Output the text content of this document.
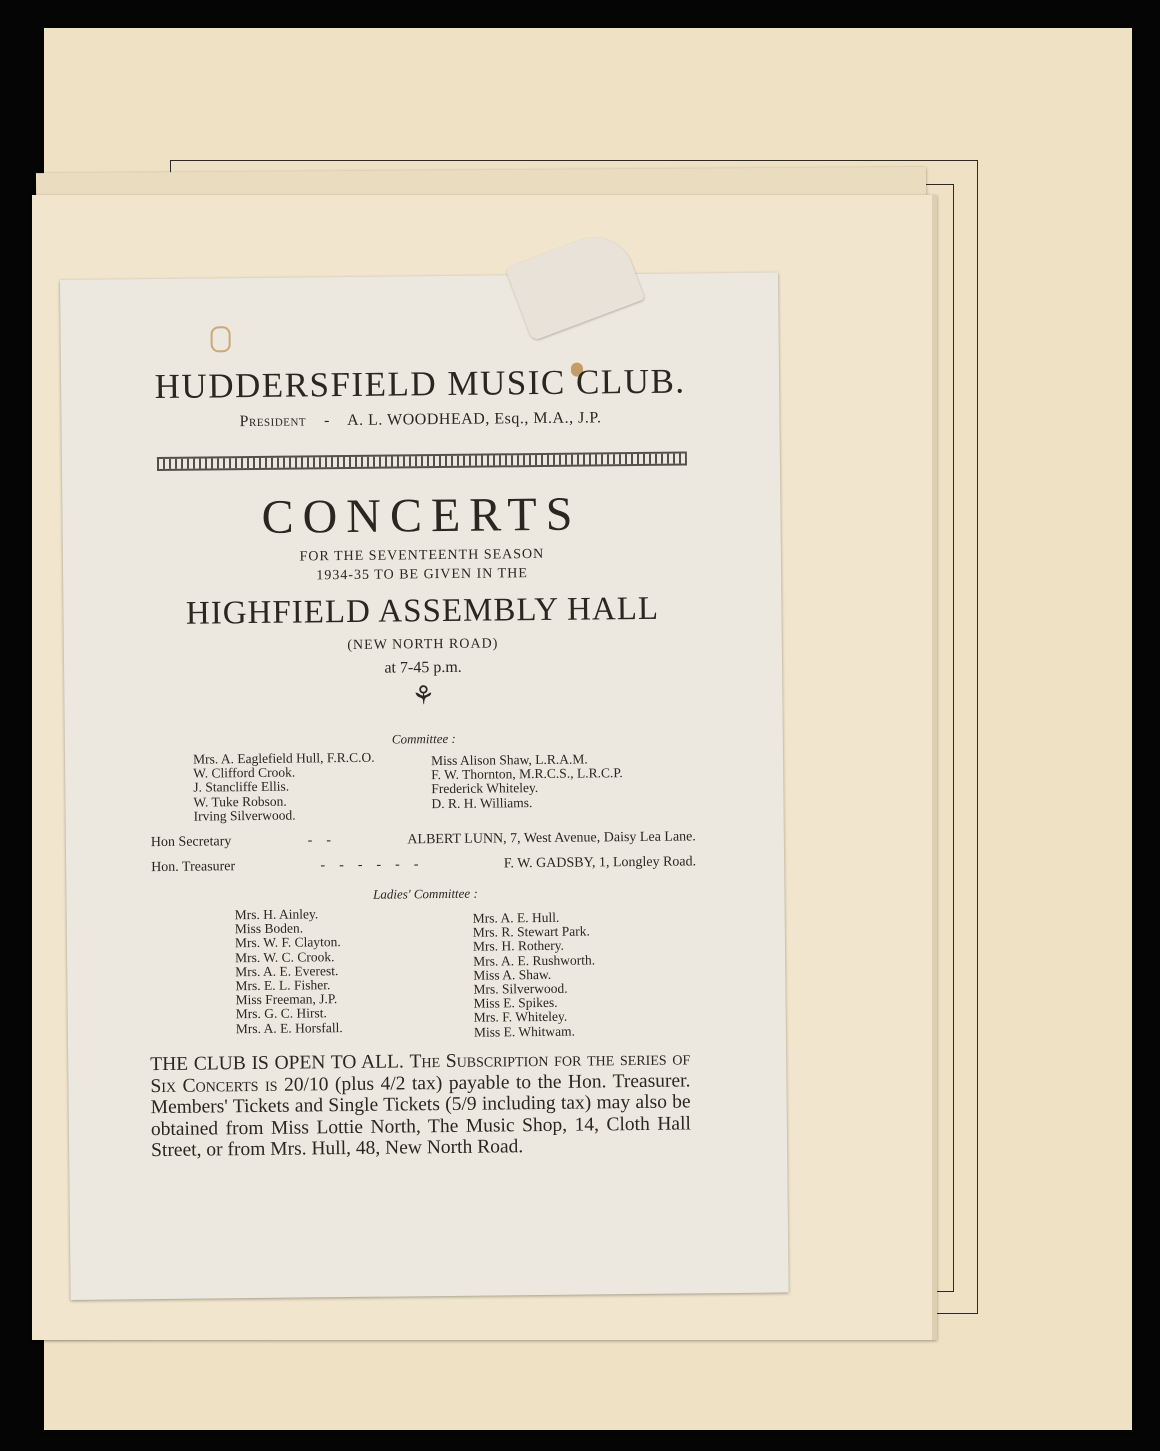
HUDDERSFIELD MUSIC CLUB.
President    -    A. L. WOODHEAD, Esq., M.A., J.P.
CONCERTS
FOR THE SEVENTEENTH SEASON
1934-35 TO BE GIVEN IN THE
HIGHFIELD ASSEMBLY HALL
(NEW NORTH ROAD)
at 7-45 p.m.
⚘
Committee :
Mrs. A. Eaglefield Hull, F.R.C.O.
W. Clifford Crook.
J. Stancliffe Ellis.
W. Tuke Robson.
Irving Silverwood.
Miss Alison Shaw, L.R.A.M.
F. W. Thornton, M.R.C.S., L.R.C.P.
Frederick Whiteley.
D. R. H. Williams.
Hon Secretary	-    -	ALBERT LUNN, 7, West Avenue, Daisy Lea Lane.
Hon. Treasurer	-    -    -    -    -    -	F. W. GADSBY, 1, Longley Road.
Ladies' Committee :
Mrs. H. Ainley.
Miss Boden.
Mrs. W. F. Clayton.
Mrs. W. C. Crook.
Mrs. A. E. Everest.
Mrs. E. L. Fisher.
Miss Freeman, J.P.
Mrs. G. C. Hirst.
Mrs. A. E. Horsfall.
Mrs. A. E. Hull.
Mrs. R. Stewart Park.
Mrs. H. Rothery.
Mrs. A. E. Rushworth.
Miss A. Shaw.
Mrs. Silverwood.
Miss E. Spikes.
Mrs. F. Whiteley.
Miss E. Whitwam.
THE CLUB IS OPEN TO ALL. The Subscription for the series of Six Concerts is 20/10 (plus 4/2 tax) payable to the Hon. Treasurer. Members' Tickets and Single Tickets (5/9 including tax) may also be obtained from Miss Lottie North, The Music Shop, 14, Cloth Hall Street, or from Mrs. Hull, 48, New North Road.
